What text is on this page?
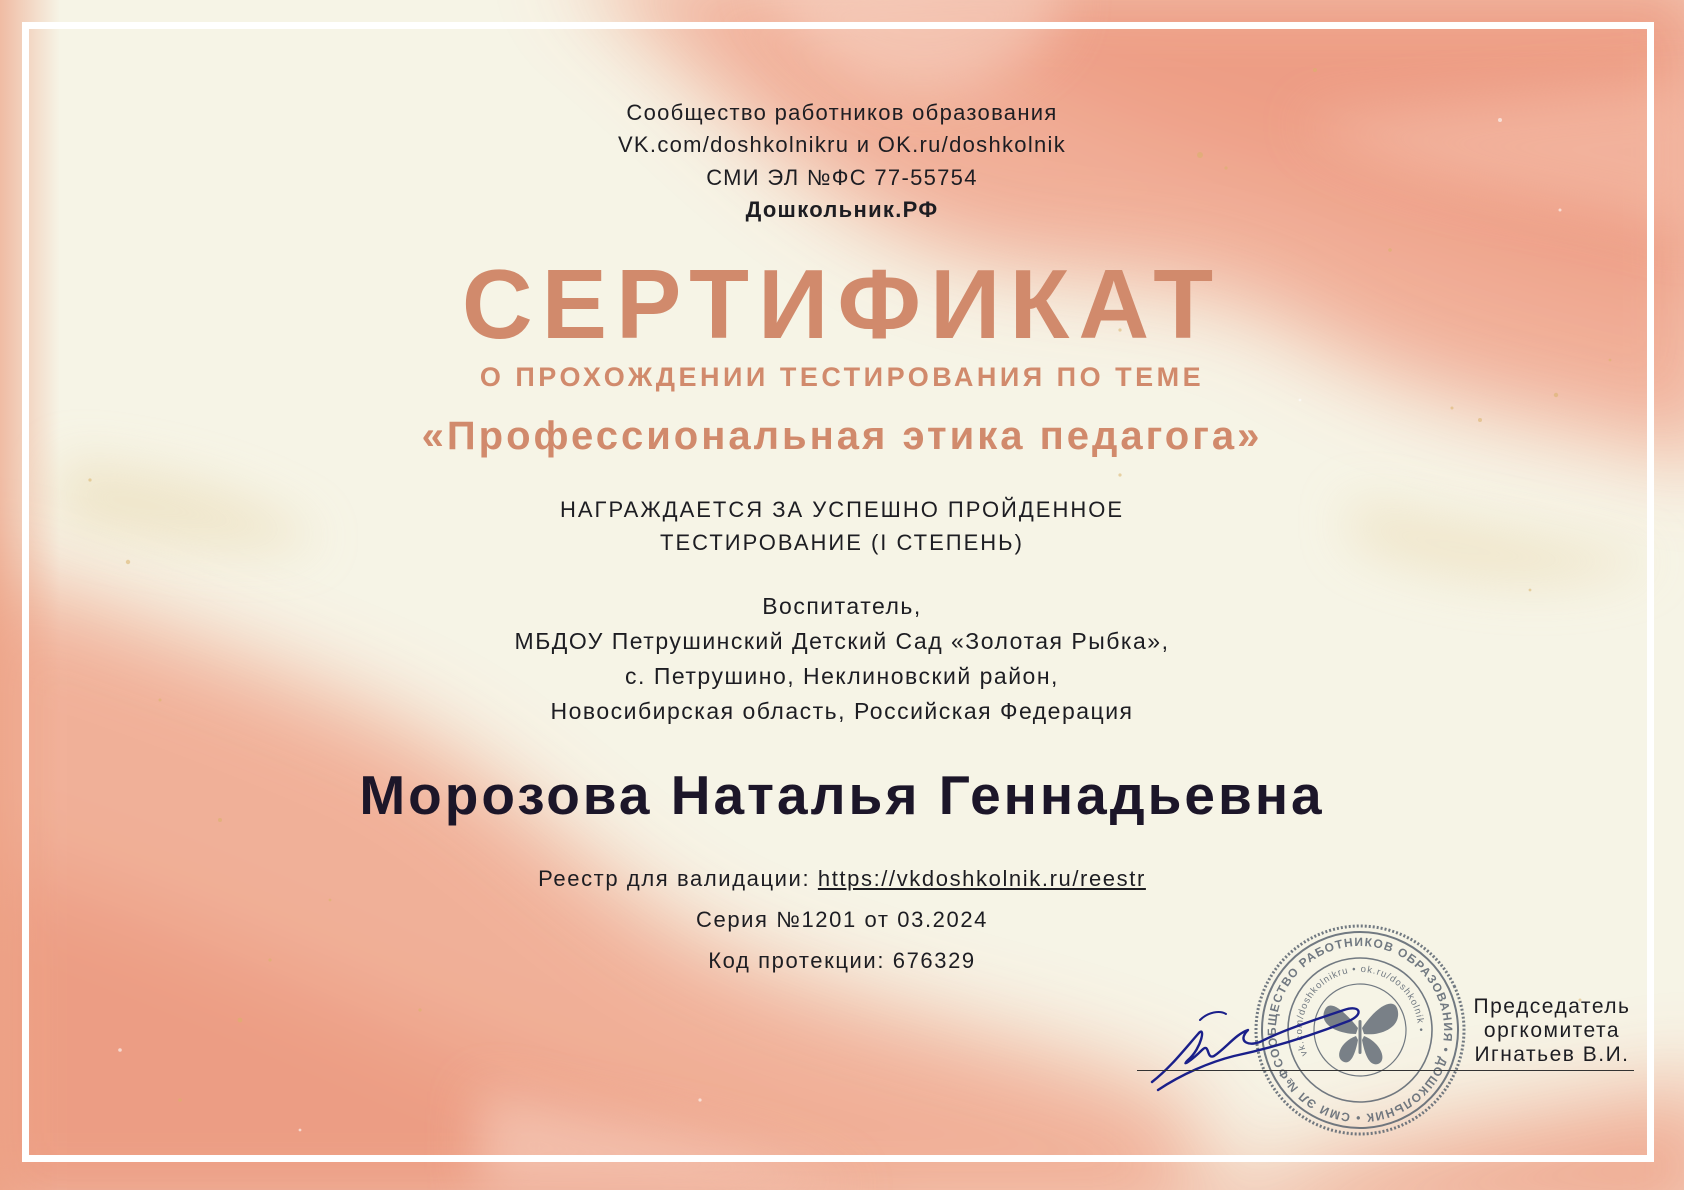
Сообщество работников образования

VK.com/doshkolnikru и OK.ru/doshkolnik

СМИ ЭЛ №ФС 77-55754

Дошкольник.РФ

СЕРТИФИКАТ

О ПРОХОЖДЕНИИ ТЕСТИРОВАНИЯ ПО ТЕМЕ

«Профессиональная этика педагога»

НАГРАЖДАЕТСЯ ЗА УСПЕШНО ПРОЙДЕННОЕ

ТЕСТИРОВАНИЕ (I СТЕПЕНЬ)

Воспитатель,

МБДОУ Петрушинский Детский Сад «Золотая Рыбка»,

с. Петрушино, Неклиновский район,

Новосибирская область, Российская Федерация

Морозова Наталья Геннадьевна

Реестр для валидации: https://vkdoshkolnik.ru/reestr

Серия №1201 от 03.2024

Код протекции: 676329

СООБЩЕСТВО РАБОТНИКОВ ОБРАЗОВАНИЯ • ДОШКОЛЬНИК • СМИ ЭЛ №ФС
vk.com/doshkolnikru • ok.ru/doshkolnik •
Председатель
оргкомитета
Игнатьев В.И.
